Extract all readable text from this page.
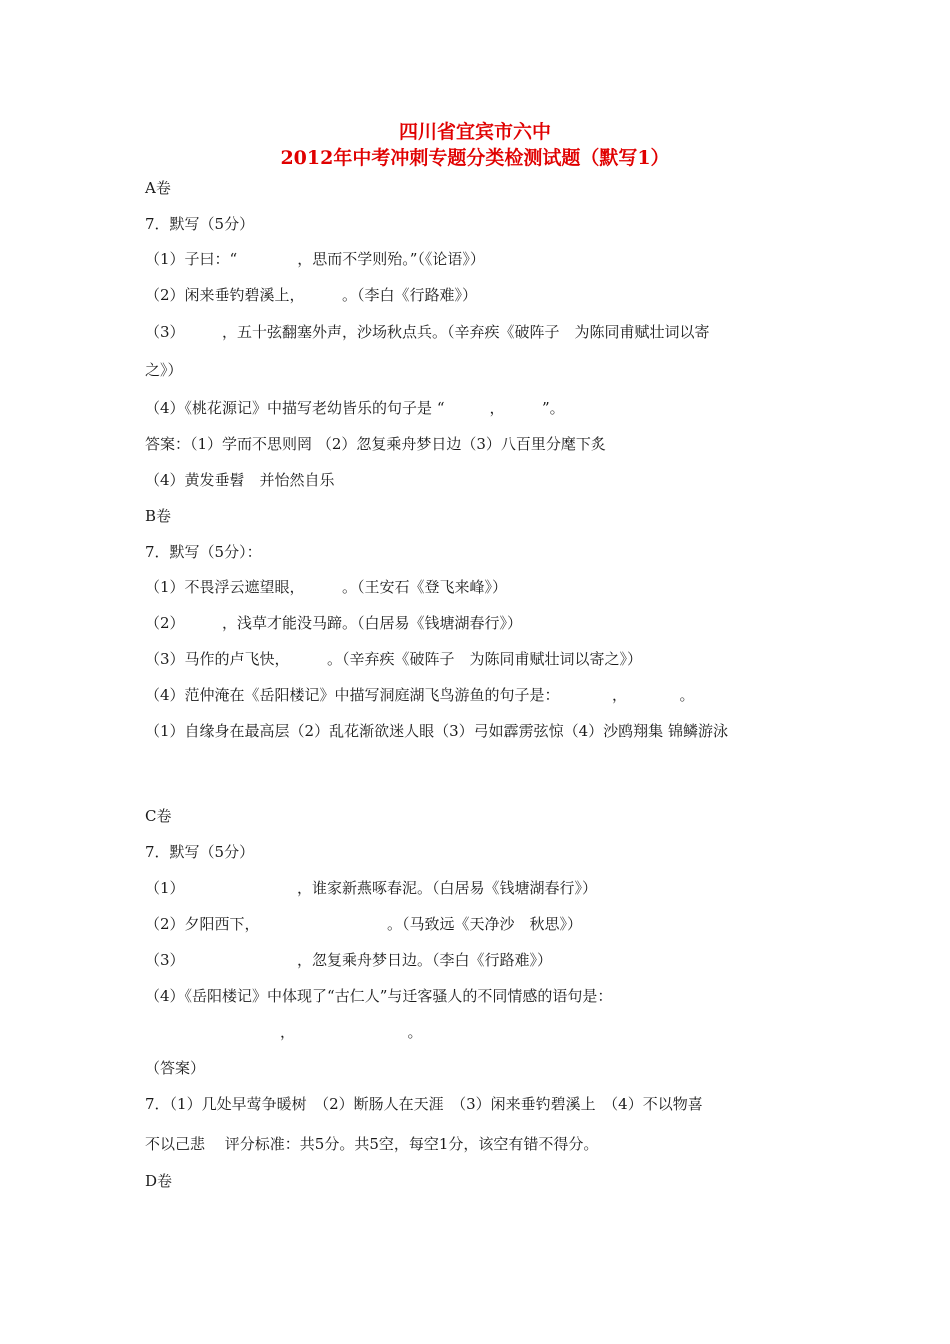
四川省宜宾市六中
2012年中考冲刺专题分类检测试题（默写1）
A卷
7．默写（5分）
（1）子曰：“　　　　，思而不学则殆。”（《论语》）
（2）闲来垂钓碧溪上，　　　。（李白《行路难》）
（3）　　　，五十弦翻塞外声，沙场秋点兵。（辛弃疾《破阵子　为陈同甫赋壮词以寄
之》）
（4）《桃花源记》中描写老幼皆乐的句子是 “　　　，　　　”。
答案：（1）学而不思则罔 （2）忽复乘舟梦日边（3）八百里分麾下炙
（4）黄发垂髫　并怡然自乐
B卷
7．默写（5分）：
（1）不畏浮云遮望眼，　　　。（王安石《登飞来峰》）
（2）　　　，浅草才能没马蹄。（白居易《钱塘湖春行》）
（3）马作的卢飞快，　　　。（辛弃疾《破阵子　为陈同甫赋壮词以寄之》）
（4）范仲淹在《岳阳楼记》中描写洞庭湖飞鸟游鱼的句子是：　　　　，　　　　。
（1）自缘身在最高层（2）乱花渐欲迷人眼（3）弓如霹雳弦惊（4）沙鸥翔集 锦鳞游泳
C卷
7．默写（5分）
（1）　　　　　　　　，谁家新燕啄春泥。（白居易《钱塘湖春行》）
（2）夕阳西下，　　　　　　　　　。（马致远《天净沙　秋思》）
（3）　　　　　　　　，忽复乘舟梦日边。（李白《行路难》）
（4）《岳阳楼记》中体现了“古仁人”与迁客骚人的不同情感的语句是：
　　　　　　　　　，　　　　　　　　。
（答案）
7．（1）几处早莺争暖树　（2）断肠人在天涯　（3）闲来垂钓碧溪上　（4）不以物喜
不以己悲　 评分标准：共5分。共5空，每空1分，该空有错不得分。
D卷
